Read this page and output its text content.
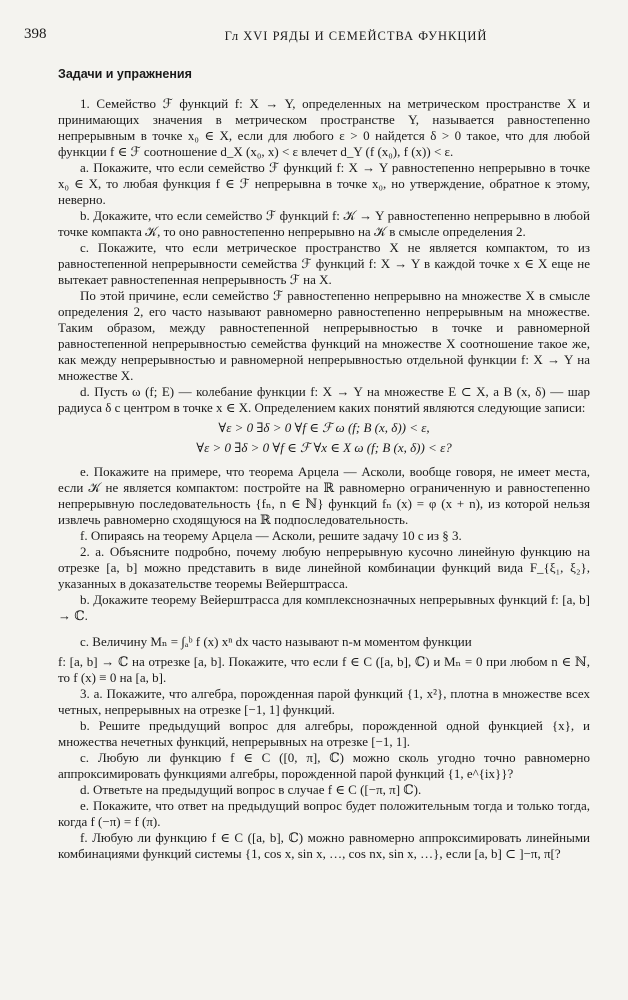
398	Гл XVI РЯДЫ И СЕМЕЙСТВА ФУНКЦИЙ
Задачи и упражнения

1. Семейство ℱ функций f: X → Y, определенных на метрическом пространстве X и принимающих значения в метрическом пространстве Y, называется равностепенно непрерывным в точке x₀ ∈ X, если для любого ε > 0 найдется δ > 0 такое, что для любой функции f ∈ ℱ соотношение d_X (x₀, x) < ε влечет d_Y (f (x₀), f (x)) < ε.

a. Покажите, что если семейство ℱ функций f: X → Y равностепенно непрерывно в точке x₀ ∈ X, то любая функция f ∈ ℱ непрерывна в точке x₀, но утверждение, обратное к этому, неверно.

b. Докажите, что если семейство ℱ функций f: 𝒦 → Y равностепенно непрерывно в любой точке компакта 𝒦, то оно равностепенно непрерывно на 𝒦 в смысле определения 2.

c. Покажите, что если метрическое пространство X не является компактом, то из равностепенной непрерывности семейства ℱ функций f: X → Y в каждой точке x ∈ X еще не вытекает равностепенная непрерывность ℱ на X.

По этой причине, если семейство ℱ равностепенно непрерывно на множестве X в смысле определения 2, его часто называют равномерно равностепенно непрерывным на множестве. Таким образом, между равностепенной непрерывностью в точке и равномерной равностепенной непрерывностью семейства функций на множестве X соотношение такое же, как между непрерывностью и равномерной непрерывностью отдельной функции f: X → Y на множестве X.

d. Пусть ω (f; E) — колебание функции f: X → Y на множестве E ⊂ X, а B (x, δ) — шар радиуса δ с центром в точке x ∈ X. Определением каких понятий являются следующие записи:

∀ε > 0 ∃δ > 0 ∀f ∈ ℱ ω (f; B (x, δ)) < ε,
∀ε > 0 ∃δ > 0 ∀f ∈ ℱ ∀x ∈ X ω (f; B (x, δ)) < ε?

e. Покажите на примере, что теорема Арцела — Асколи, вообще говоря, не имеет места, если 𝒦 не является компактом: постройте на ℝ равномерно ограниченную и равностепенно непрерывную последовательность {fₙ, n ∈ ℕ} функций fₙ (x) = φ (x + n), из которой нельзя извлечь равномерно сходящуюся на ℝ подпоследовательность.

f. Опираясь на теорему Арцела — Асколи, решите задачу 10 с из § 3.

2. a. Объясните подробно, почему любую непрерывную кусочно линейную функцию на отрезке [a, b] можно представить в виде линейной комбинации функций вида F_{ξ₁, ξ₂}, указанных в доказательстве теоремы Вейерштрасса.

b. Докажите теорему Вейерштрасса для комплекснозначных непрерывных функций f: [a, b] → ℂ.

c. Величину Mₙ = ∫ₐᵇ f (x) xⁿ dx часто называют n-м моментом функции

f: [a, b] → ℂ на отрезке [a, b]. Покажите, что если f ∈ C ([a, b], ℂ) и Mₙ = 0 при любом n ∈ ℕ, то f (x) ≡ 0 на [a, b].

3. a. Покажите, что алгебра, порожденная парой функций {1, x²}, плотна в множестве всех четных, непрерывных на отрезке [−1, 1] функций.

b. Решите предыдущий вопрос для алгебры, порожденной одной функцией {x}, и множества нечетных функций, непрерывных на отрезке [−1, 1].

c. Любую ли функцию f ∈ C ([0, π], ℂ) можно сколь угодно точно равномерно аппроксимировать функциями алгебры, порожденной парой функций {1, e^{ix}}?

d. Ответьте на предыдущий вопрос в случае f ∈ C ([−π, π] ℂ).

e. Покажите, что ответ на предыдущий вопрос будет положительным тогда и только тогда, когда f (−π) = f (π).

f. Любую ли функцию f ∈ C ([a, b], ℂ) можно равномерно аппроксимировать линейными комбинациями функций системы {1, cos x, sin x, …, cos nx, sin x, …}, если [a, b] ⊂ ]−π, π[?
